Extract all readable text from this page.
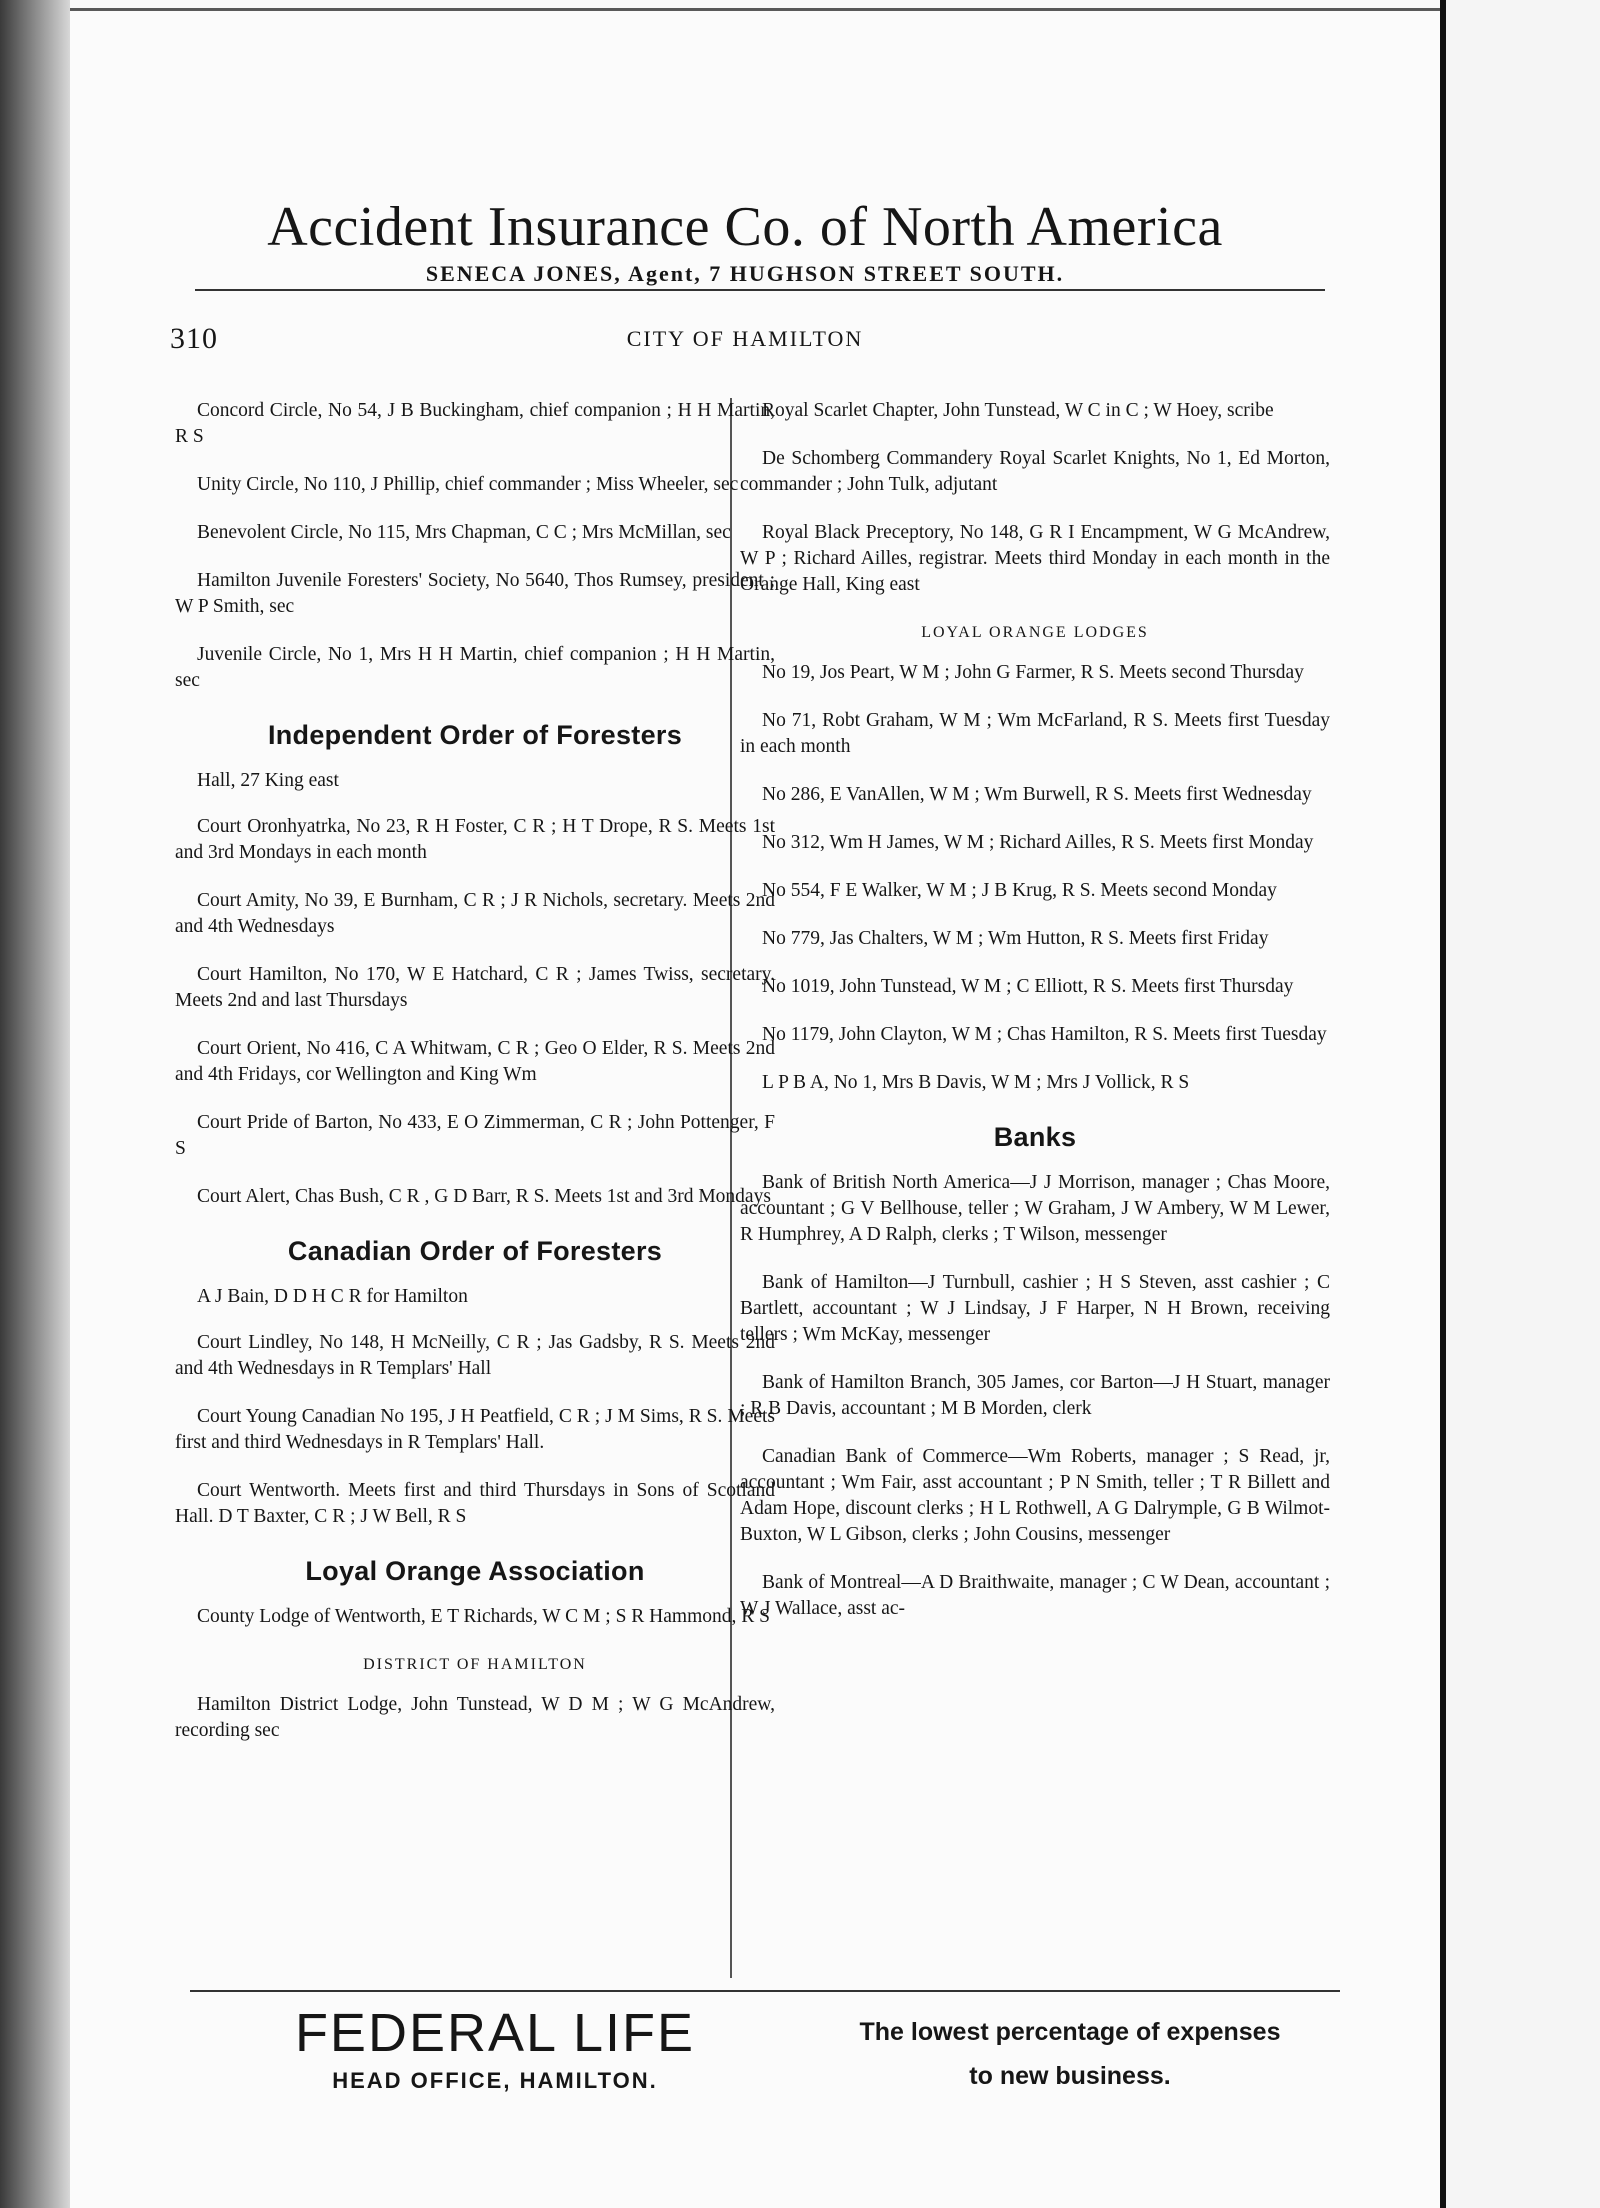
Accident Insurance Co. of North America
SENECA JONES, Agent, 7 HUGHSON STREET SOUTH.
310	CITY OF HAMILTON

Concord Circle, No 54, J B Buckingham, chief companion ; H H Martin, R S

Unity Circle, No 110, J Phillip, chief commander ; Miss Wheeler, sec

Benevolent Circle, No 115, Mrs Chapman, C C ; Mrs McMillan, sec

Hamilton Juvenile Foresters' Society, No 5640, Thos Rumsey, president ; W P Smith, sec

Juvenile Circle, No 1, Mrs H H Martin, chief companion ; H H Martin, sec

Independent Order of Foresters

Hall, 27 King east

Court Oronhyatrka, No 23, R H Foster, C R ; H T Drope, R S. Meets 1st and 3rd Mondays in each month

Court Amity, No 39, E Burnham, C R ; J R Nichols, secretary. Meets 2nd and 4th Wednesdays

Court Hamilton, No 170, W E Hatchard, C R ; James Twiss, secretary. Meets 2nd and last Thursdays

Court Orient, No 416, C A Whitwam, C R ; Geo O Elder, R S. Meets 2nd and 4th Fridays, cor Wellington and King Wm

Court Pride of Barton, No 433, E O Zimmerman, C R ; John Pottenger, F S

Court Alert, Chas Bush, C R , G D Barr, R S. Meets 1st and 3rd Mondays

Canadian Order of Foresters

A J Bain, D D H C R for Hamilton

Court Lindley, No 148, H McNeilly, C R ; Jas Gadsby, R S. Meets 2nd and 4th Wednesdays in R Templars' Hall

Court Young Canadian No 195, J H Peatfield, C R ; J M Sims, R S. Meets first and third Wednesdays in R Templars' Hall.

Court Wentworth. Meets first and third Thursdays in Sons of Scotland Hall. D T Baxter, C R ; J W Bell, R S

Loyal Orange Association

County Lodge of Wentworth, E T Richards, W C M ; S R Hammond, R S

DISTRICT OF HAMILTON

Hamilton District Lodge, John Tunstead, W D M ; W G McAndrew, recording sec

Royal Scarlet Chapter, John Tunstead, W C in C ; W Hoey, scribe

De Schomberg Commandery Royal Scarlet Knights, No 1, Ed Morton, commander ; John Tulk, adjutant

Royal Black Preceptory, No 148, G R I Encampment, W G McAndrew, W P ; Richard Ailles, registrar. Meets third Monday in each month in the Orange Hall, King east

LOYAL ORANGE LODGES

No 19, Jos Peart, W M ; John G Farmer, R S. Meets second Thursday

No 71, Robt Graham, W M ; Wm McFarland, R S. Meets first Tuesday in each month

No 286, E VanAllen, W M ; Wm Burwell, R S. Meets first Wednesday

No 312, Wm H James, W M ; Richard Ailles, R S. Meets first Monday

No 554, F E Walker, W M ; J B Krug, R S. Meets second Monday

No 779, Jas Chalters, W M ; Wm Hutton, R S. Meets first Friday

No 1019, John Tunstead, W M ; C Elliott, R S. Meets first Thursday

No 1179, John Clayton, W M ; Chas Hamilton, R S. Meets first Tuesday

L P B A, No 1, Mrs B Davis, W M ; Mrs J Vollick, R S

Banks

Bank of British North America—J J Morrison, manager ; Chas Moore, accountant ; G V Bellhouse, teller ; W Graham, J W Ambery, W M Lewer, R Humphrey, A D Ralph, clerks ; T Wilson, messenger

Bank of Hamilton—J Turnbull, cashier ; H S Steven, asst cashier ; C Bartlett, accountant ; W J Lindsay, J F Harper, N H Brown, receiving tellers ; Wm McKay, messenger

Bank of Hamilton Branch, 305 James, cor Barton—J H Stuart, manager ; R B Davis, accountant ; M B Morden, clerk

Canadian Bank of Commerce—Wm Roberts, manager ; S Read, jr, accountant ; Wm Fair, asst accountant ; P N Smith, teller ; T R Billett and Adam Hope, discount clerks ; H L Rothwell, A G Dalrymple, G B Wilmot-Buxton, W L Gibson, clerks ; John Cousins, messenger

Bank of Montreal—A D Braithwaite, manager ; C W Dean, accountant ; W J Wallace, asst ac-

FEDERAL LIFE
HEAD OFFICE, HAMILTON.
The lowest percentage of expenses
to new business.
